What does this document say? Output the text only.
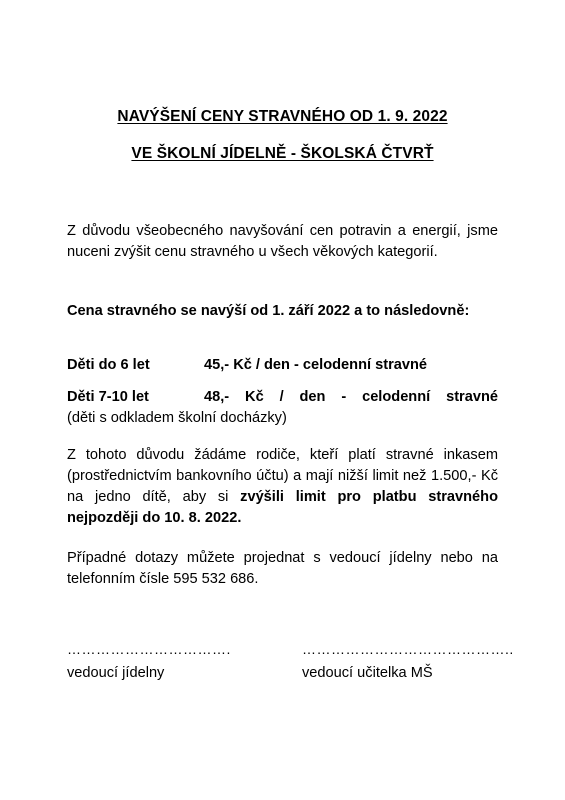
NAVÝŠENÍ CENY STRAVNÉHO OD 1. 9. 2022
VE ŠKOLNÍ JÍDELNĚ - ŠKOLSKÁ ČTVRŤ
Z důvodu všeobecného navyšování cen potravin a energií, jsme nuceni zvýšit cenu stravného u všech věkových kategorií.
Cena stravného se navýší od 1. září 2022 a to následovně:
Děti do 6 let	45,- Kč / den - celodenní stravné
Děti 7-10 let	48,- Kč / den - celodenní stravné
(děti s odkladem školní docházky)
Z tohoto důvodu žádáme rodiče, kteří platí stravné inkasem (prostřednictvím bankovního účtu) a mají nižší limit než 1.500,- Kč na jedno dítě, aby si zvýšili limit pro platbu stravného nejpozději do 10. 8. 2022.
Případné dotazy můžete projednat s vedoucí jídelny nebo na telefonním čísle 595 532 686.
…………………………….	……………………………………..
vedoucí jídelny	vedoucí učitelka MŠ
